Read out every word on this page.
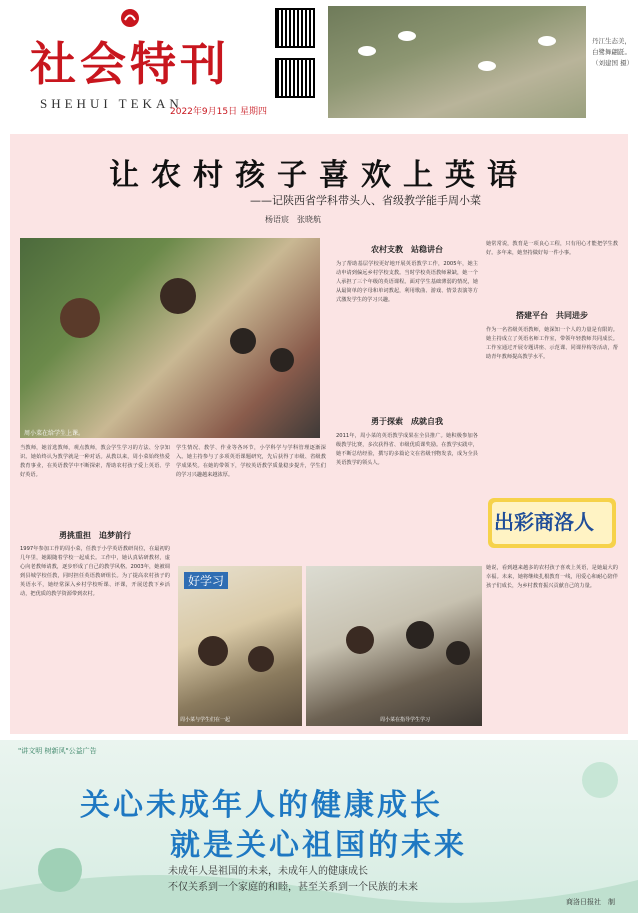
社会特刊
SHEHUI TEKAN
2022年9月15日 星期四
丹江生态美，白鹭舞翩跹。（刘建国 摄）
让农村孩子喜欢上英语
——记陕西省学科带头人、省级教学能手周小菜
杨语宸　张晓航
周小菜在给学生上课。
当教师，她首选教师，观点教师，教会学生学习的方法、分享知识。她始终认为教学就是一种对话。从教以来，周小菜始终热爱教育事业，在英语教学中不断探索，帮助农村孩子爱上英语、学好英语。
勇挑重担　追梦前行
1997年参加工作的周小菜，任教于小学英语教研岗位，在最初的几年里，她跟随着学校一起成长。工作中，她认真钻研教材，虚心向老教师请教，逐步形成了自己的教学风格。2003年，她被调到县城学校任教，同时担任英语教研组长。为了提高农村孩子的英语水平，她经常深入乡村学校听课、评课，开展送教下乡活动，把优质的教学资源带到农村。
学生情况、教学、作业等各环节，小学科学与学科管理逐渐深入。她主持参与了多项英语课题研究，先后获得了市级、省级教学成果奖。在她的带领下，学校英语教学质量稳步提升，学生们的学习兴趣越来越浓厚。
农村支教　站稳讲台
为了帮助基层学校更好地开展英语教学工作，2005年，她主动申请到偏远乡村学校支教。当时学校英语教师紧缺，她一个人承担了三个年级的英语课程。面对学生基础薄弱的情况，她从最简单的字母和单词教起，利用歌曲、游戏、情景表演等方式激发学生的学习兴趣。
勇于探索　成就自我
2011年，周小菜的英语教学成果在全县推广。她积极参加各级教学比赛，多次获得省、市级优质课奖励。在教学实践中，她不断总结经验，撰写的多篇论文在省级刊物发表，成为全县英语教学的领头人。
她常常说，教育是一项良心工程，只有用心才能把学生教好。多年来，她坚持做好每一件小事。
搭建平台　共同进步
作为一名省级英语教师，她深知一个人的力量是有限的。她主持成立了英语名师工作室，带领年轻教师共同成长。工作室通过开展专题讲座、示范课、同课异构等活动，帮助青年教师提高教学水平。
出彩商洛人
她说，看到越来越多的农村孩子喜欢上英语，是她最大的幸福。未来，她将继续扎根教育一线，用爱心和耐心陪伴孩子们成长，为乡村教育振兴贡献自己的力量。
好学习
周小菜与学生们在一起	周小菜在指导学生学习
"讲文明 树新风"公益广告
关心未成年人的健康成长
就是关心祖国的未来
未成年人是祖国的未来，未成年人的健康成长
不仅关系到一个家庭的和睦，甚至关系到一个民族的未来
商洛日报社　制
